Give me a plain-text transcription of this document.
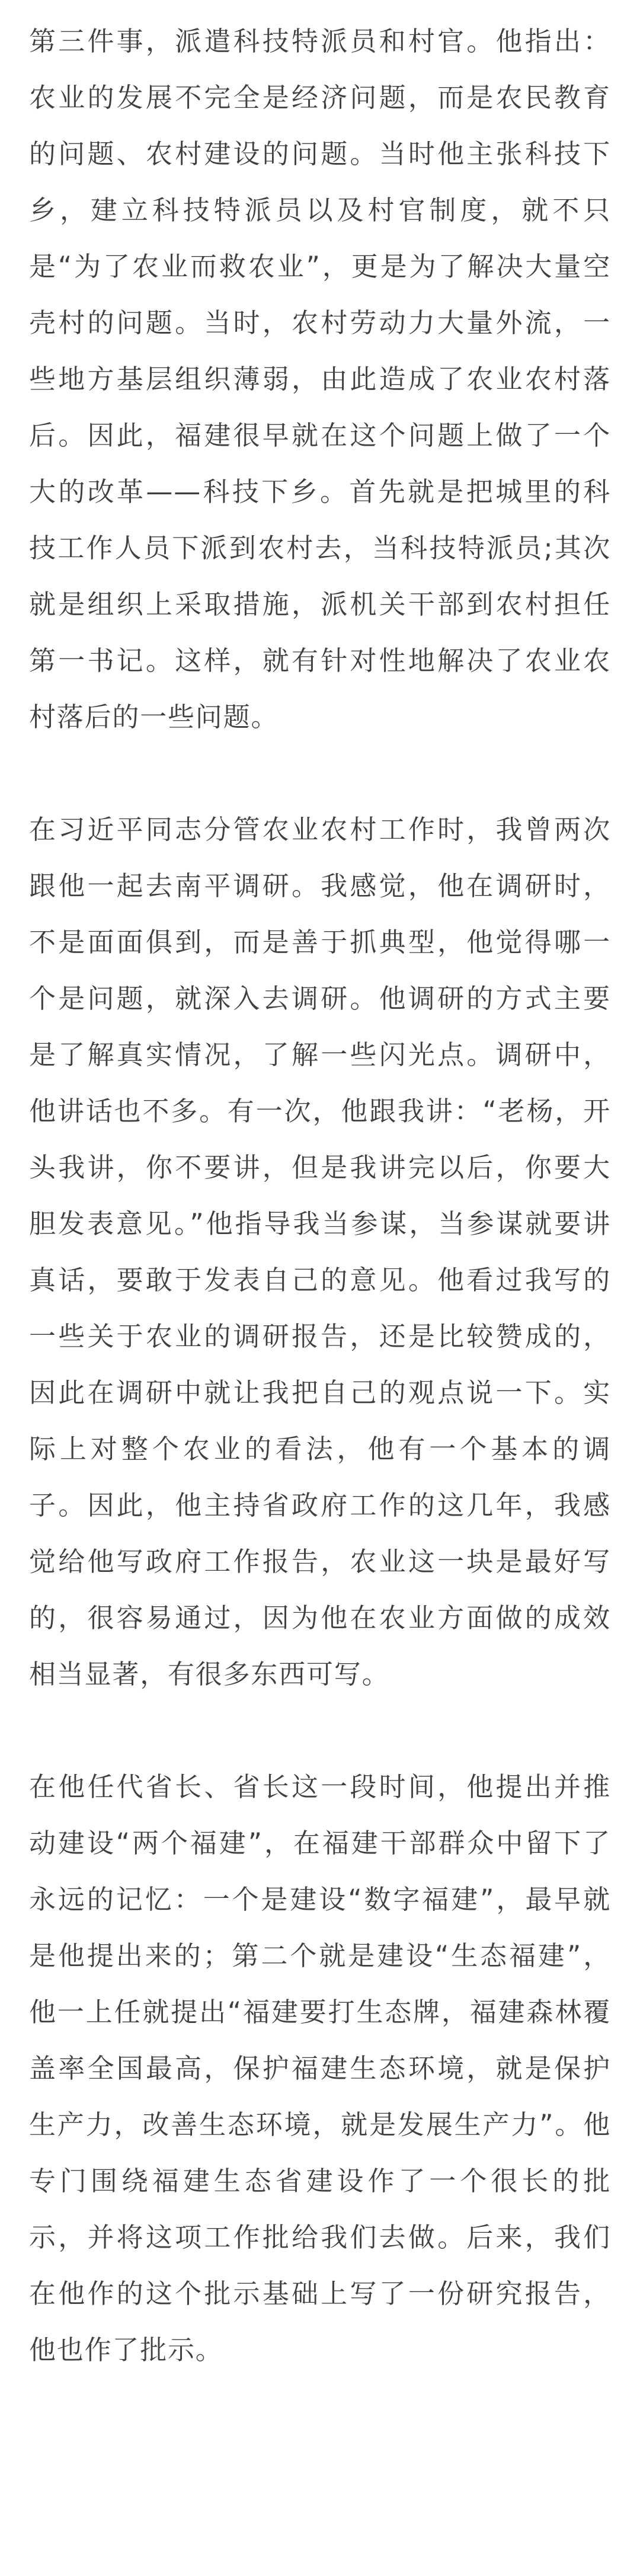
第三件事，派遣科技特派员和村官。他指出：农业的发展不完全是经济问题，而是农民教育的问题、农村建设的问题。当时他主张科技下乡，建立科技特派员以及村官制度，就不只是“为了农业而救农业”，更是为了解决大量空壳村的问题。当时，农村劳动力大量外流，一些地方基层组织薄弱，由此造成了农业农村落后。因此，福建很早就在这个问题上做了一个大的改革——科技下乡。首先就是把城里的科技工作人员下派到农村去，当科技特派员;其次就是组织上采取措施，派机关干部到农村担任第一书记。这样，就有针对性地解决了农业农村落后的一些问题。

在习近平同志分管农业农村工作时，我曾两次跟他一起去南平调研。我感觉，他在调研时，不是面面俱到，而是善于抓典型，他觉得哪一个是问题，就深入去调研。他调研的方式主要是了解真实情况，了解一些闪光点。调研中，他讲话也不多。有一次，他跟我讲：“老杨，开头我讲，你不要讲，但是我讲完以后，你要大胆发表意见。”他指导我当参谋，当参谋就要讲真话，要敢于发表自己的意见。他看过我写的一些关于农业的调研报告，还是比较赞成的，因此在调研中就让我把自己的观点说一下。实际上对整个农业的看法，他有一个基本的调子。因此，他主持省政府工作的这几年，我感觉给他写政府工作报告，农业这一块是最好写的，很容易通过，因为他在农业方面做的成效相当显著，有很多东西可写。

在他任代省长、省长这一段时间，他提出并推动建设“两个福建”，在福建干部群众中留下了永远的记忆：一个是建设“数字福建”，最早就是他提出来的；第二个就是建设“生态福建”，他一上任就提出“福建要打生态牌，福建森林覆盖率全国最高，保护福建生态环境，就是保护生产力，改善生态环境，就是发展生产力”。他专门围绕福建生态省建设作了一个很长的批示，并将这项工作批给我们去做。后来，我们在他作的这个批示基础上写了一份研究报告，他也作了批示。
